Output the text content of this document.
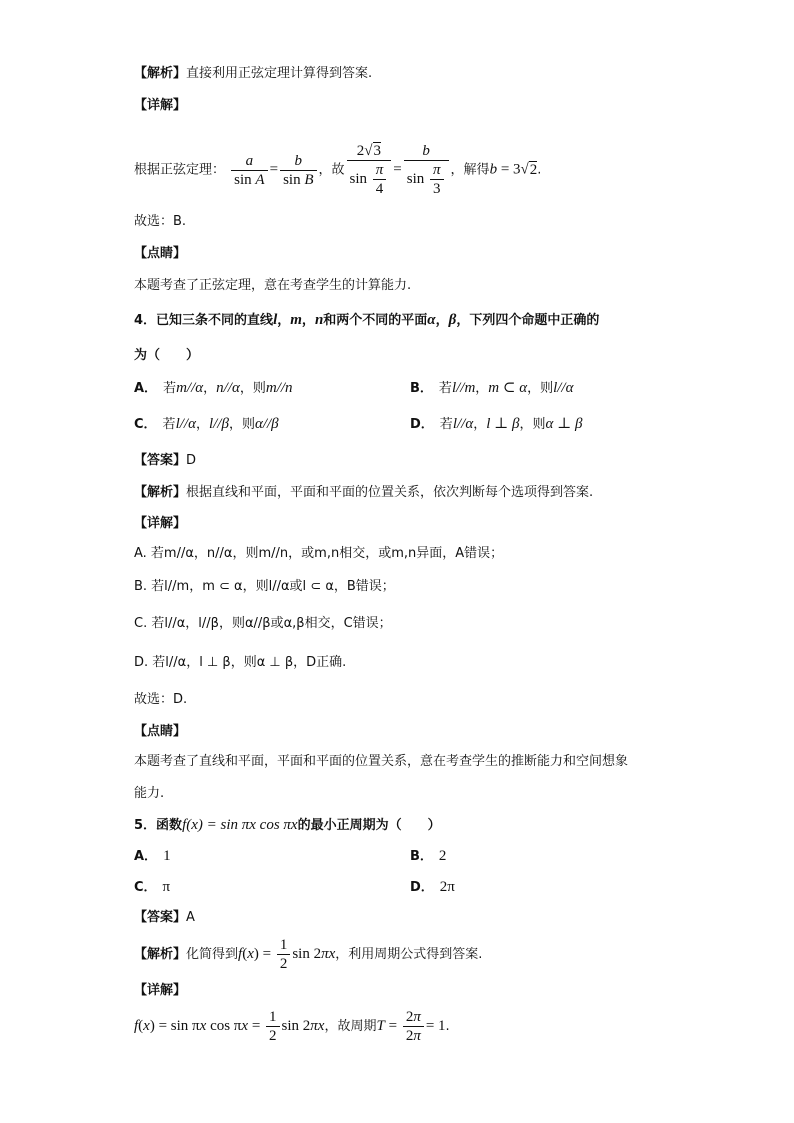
【解析】直接利用正弦定理计算得到答案.
【详解】
根据正弦定理： $\frac{a}{\text{sin A}} = \frac{b}{\text{sin B}}$ ，故 $\frac{2√3}{\sin \frac{\pi}{4}} = \frac{b}{\sin \frac{\pi}{3}}$ ，解得b = 3√2.
故选：B.
【点睛】
本题考查了正弦定理，意在考查学生的计算能力.
4．已知三条不同的直线l，m，n和两个不同的平面α，β，下列四个命题中正确的
为（　　）
A． 若m//α，n//α，则m//n	B． 若l//m，m ⊂ α，则l//α
C． 若l//α，l//β，则α//β	D． 若l//α，l ⊥ β，则α ⊥ β
【答案】D
【解析】根据直线和平面，平面和平面的位置关系，依次判断每个选项得到答案.
【详解】
A. 若m//α，n//α，则m//n，或m,n相交，或m,n异面，A错误；
B. 若l//m，m ⊂ α，则l//α或l ⊂ α，B错误；
C. 若l//α，l//β，则α//β或α,β相交，C错误；
D. 若l//α，l ⊥ β，则α ⊥ β，D正确.
故选：D.
【点睛】
本题考查了直线和平面，平面和平面的位置关系，意在考查学生的推断能力和空间想象
能力.
5．函数f(x) = sin πx cos πx的最小正周期为（　　）
A． 1	B． 2
C． π	D． 2π
【答案】A
【解析】化简得到$f(x) = \frac{1}{2}$ sin 2πx，利用周期公式得到答案.
【详解】
f(x) = sin πx $\cos \pi x = \frac{1}{2}$ sin 2πx，故周期$T = \frac{2\pi}{2\pi} = 1$.
